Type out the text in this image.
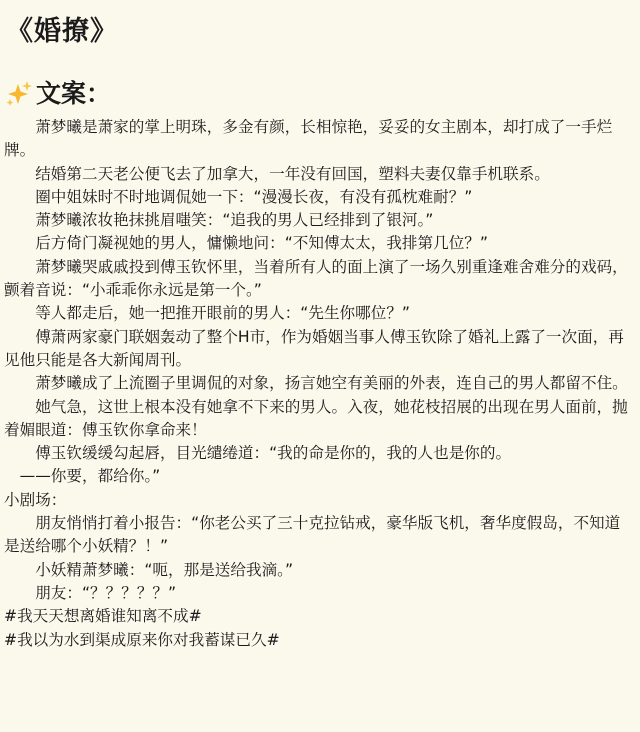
《婚撩》
文案：

萧梦曦是萧家的掌上明珠，多金有颜，长相惊艳，妥妥的女主剧本，却打成了一手烂牌。

结婚第二天老公便飞去了加拿大，一年没有回国，塑料夫妻仅靠手机联系。

圈中姐妹时不时地调侃她一下：“漫漫长夜，有没有孤枕难耐？”

萧梦曦浓妆艳抹挑眉嗤笑：“追我的男人已经排到了银河。”

后方倚门凝视她的男人，慵懒地问：“不知傅太太，我排第几位？”

萧梦曦哭戚戚投到傅玉钦怀里，当着所有人的面上演了一场久别重逢难舍难分的戏码，颤着音说：“小乖乖你永远是第一个。”

等人都走后，她一把推开眼前的男人：“先生你哪位？”

傅萧两家豪门联姻轰动了整个H市，作为婚姻当事人傅玉钦除了婚礼上露了一次面，再见他只能是各大新闻周刊。

萧梦曦成了上流圈子里调侃的对象，扬言她空有美丽的外表，连自己的男人都留不住。

她气急，这世上根本没有她拿不下来的男人。入夜，她花枝招展的出现在男人面前，抛着媚眼道：傅玉钦你拿命来！

傅玉钦缓缓勾起唇，目光缱绻道：“我的命是你的，我的人也是你的。

——你要，都给你。”

小剧场：

朋友悄悄打着小报告：“你老公买了三十克拉钻戒，豪华版飞机，奢华度假岛，不知道是送给哪个小妖精？！”

小妖精萧梦曦：“呃，那是送给我滴。”

朋友：“？？？？？”

#我天天想离婚谁知离不成#

#我以为水到渠成原来你对我蓄谋已久#
